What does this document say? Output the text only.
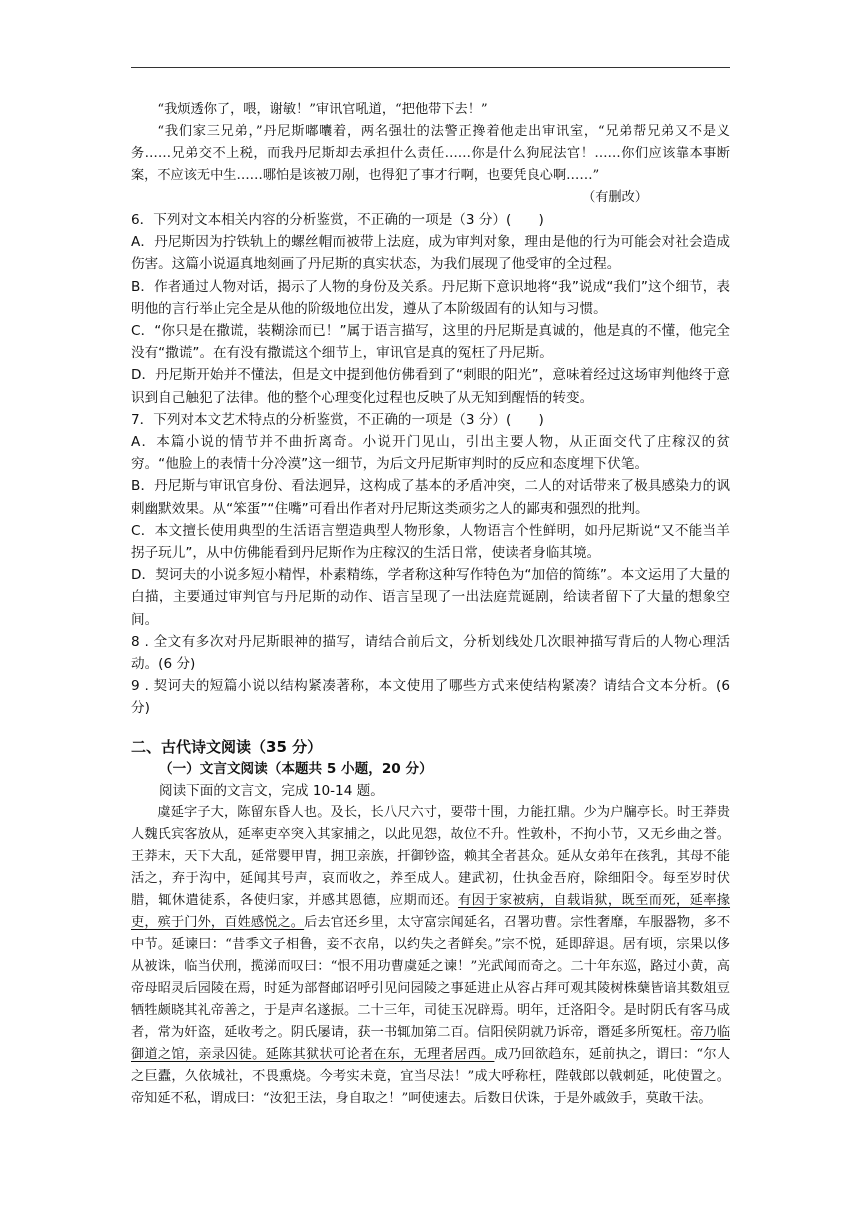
“我烦透你了，喂，谢敏！”审讯官吼道，“把他带下去！”

“我们家三兄弟，”丹尼斯嘟囔着，两名强壮的法警正搀着他走出审讯室，“兄弟帮兄弟又不是义务……兄弟交不上税，而我丹尼斯却去承担什么责任……你是什么狗屁法官！……你们应该靠本事断案，不应该无中生……哪怕是该被刀剐，也得犯了事才行啊，也要凭良心啊……”

（有删改）

6．下列对文本相关内容的分析鉴赏，不正确的一项是（3 分）(　　)

A．丹尼斯因为拧铁轨上的螺丝帽而被带上法庭，成为审判对象，理由是他的行为可能会对社会造成伤害。这篇小说逼真地刻画了丹尼斯的真实状态，为我们展现了他受审的全过程。

B．作者通过人物对话，揭示了人物的身份及关系。丹尼斯下意识地将“我”说成“我们”这个细节，表明他的言行举止完全是从他的阶级地位出发，遵从了本阶级固有的认知与习惯。

C．“你只是在撒谎，装糊涂而已！”属于语言描写，这里的丹尼斯是真诚的，他是真的不懂，他完全没有“撒谎”。在有没有撒谎这个细节上，审讯官是真的冤枉了丹尼斯。

D．丹尼斯开始并不懂法，但是文中提到他仿佛看到了“刺眼的阳光”，意味着经过这场审判他终于意识到自己触犯了法律。他的整个心理变化过程也反映了从无知到醒悟的转变。

7．下列对本文艺术特点的分析鉴赏，不正确的一项是（3 分）(　　)

A．本篇小说的情节并不曲折离奇。小说开门见山，引出主要人物，从正面交代了庄稼汉的贫穷。“他脸上的表情十分冷漠”这一细节，为后文丹尼斯审判时的反应和态度埋下伏笔。

B．丹尼斯与审讯官身份、看法迥异，这构成了基本的矛盾冲突，二人的对话带来了极具感染力的讽刺幽默效果。从“笨蛋”“住嘴”可看出作者对丹尼斯这类顽劣之人的鄙夷和强烈的批判。

C．本文擅长使用典型的生活语言塑造典型人物形象，人物语言个性鲜明，如丹尼斯说“又不能当羊拐子玩儿”，从中仿佛能看到丹尼斯作为庄稼汉的生活日常，使读者身临其境。

D．契诃夫的小说多短小精悍，朴素精练，学者称这种写作特色为“加倍的简练”。本文运用了大量的白描，主要通过审判官与丹尼斯的动作、语言呈现了一出法庭荒诞剧，给读者留下了大量的想象空间。

8 . 全文有多次对丹尼斯眼神的描写，请结合前后文，分析划线处几次眼神描写背后的人物心理活动。(6 分)

9 . 契诃夫的短篇小说以结构紧凑著称，本文使用了哪些方式来使结构紧凑？请结合文本分析。(6 分)

二、古代诗文阅读（35 分）

（一）文言文阅读（本题共 5 小题，20 分）

阅读下面的文言文，完成 10-14 题。

虞延字子大，陈留东昏人也。及长，长八尺六寸，要带十围，力能扛鼎。少为户牖亭长。时王莽贵人魏氏宾客放从，延率吏卒突入其家捕之，以此见怨，故位不升。性敦朴，不拘小节，又无乡曲之誉。王莽末，天下大乱，延常婴甲胄，拥卫亲族，扞御钞盗，赖其全者甚众。延从女弟年在孩乳，其母不能活之，弃于沟中，延闻其号声，哀而收之，养至成人。建武初，仕执金吾府，除细阳令。每至岁时伏腊，辄休遣徒系，各使归家，并感其恩德，应期而还。有因于家被病，自载诣狱，既至而死，延率掾吏，殡于门外，百姓感悦之。后去官还乡里，太守富宗闻延名，召署功曹。宗性奢靡，车服器物，多不中节。延谏曰：“昔季文子相鲁，妾不衣帛，以约失之者鲜矣。”宗不悦，延即辞退。居有顷，宗果以侈从被诛，临当伏刑，揽涕而叹曰：“恨不用功曹虞延之谏！”光武闻而奇之。二十年东巡，路过小黄，高帝母昭灵后园陵在焉，时延为部督邮诏呼引见问园陵之事延进止从容占拜可观其陵树株蘖皆谙其数俎豆牺牲颇晓其礼帝善之，于是声名遂振。二十三年，司徒玉况辟焉。明年，迁洛阳令。是时阴氏有客马成者，常为奸盗，延收考之。阴氏屡请，获一书辄加第二百。信阳侯阴就乃诉帝，谮延多所冤枉。帝乃临御道之馆，亲录囚徒。延陈其狱状可论者在东，无理者居西。成乃回欲趋东，延前执之，谓曰：“尔人之巨蠹，久依城社，不畏熏烧。今考实未竟，宜当尽法！”成大呼称枉，陛戟郎以戟刺延，叱使置之。帝知延不私，谓成曰：“汝犯王法，身自取之！”呵使速去。后数日伏诛，于是外戚敛手，莫敢干法。
